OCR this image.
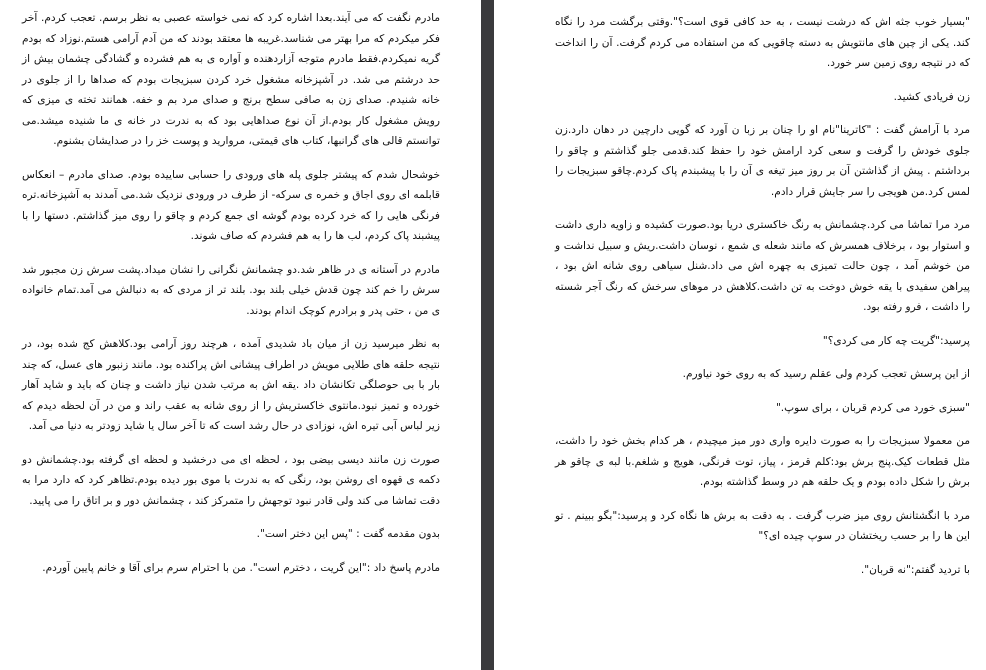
مادرم نگفت که می آیند.بعدا اشاره کرد که نمی خواسته عصبی به نظر برسم. تعجب کردم. آخر فکر میکردم که مرا بهتر می شناسد.غریبه ها معتقد بودند که من آدم آرامی هستم.نوزاد که بودم گریه نمیکردم.فقط مادرم متوجه آزاردهنده و آواره ی به هم فشرده و گشادگی چشمان بیش از حد درشتم می شد. در آشپزخانه مشغول خرد کردن سبزیجات بودم که صداها را از جلوی در خانه شنیدم. صدای زن به صافی سطح برنج و صدای مرد بم و خفه. همانند تخته ی میزی که رویش مشغول کار بودم.از آن نوع صداهایی بود که به ندرت در خانه ی ما شنیده میشد.می توانستم قالی های گرانبها، کتاب های قیمتی، مروارید و پوست خز را در صدایشان بشنوم.

خوشحال شدم که پیشتر جلوی پله های ورودی را حسابی ساییده بودم. صدای مادرم – انعکاس قابلمه ای روی اجاق و خمره ی سرکه- از طرف در ورودی نزدیک شد.می آمدند به آشپزخانه.تره فرنگی هایی را که خرد کرده بودم گوشه ای جمع کردم و چاقو را روی میز گذاشتم. دستها را با پیشبند پاک کردم، لب ها را به هم فشردم که صاف شوند.

مادرم در آستانه ی در ظاهر شد.دو چشمانش نگرانی را نشان میداد.پشت سرش زن مجبور شد سرش را خم کند چون قدش خیلی بلند بود. بلند تر از مردی که به دنبالش می آمد.تمام خانواده ی من ، حتی پدر و برادرم کوچک اندام بودند.

به نظر میرسید زن از میان باد شدیدی آمده ، هرچند روز آرامی بود.کلاهش کج شده بود، در نتیجه حلقه های طلایی مویش در اطراف پیشانی اش پراکنده بود. مانند زنبور های عسل، که چند بار با بی حوصلگی تکانشان داد .یقه اش به مرتب شدن نیاز داشت و چنان که باید و شاید آهار خورده و تمیز نبود.مانتوی خاکستریش را از روی شانه به عقب راند و من در آن لحظه دیدم که زیر لباس آبی تیره اش، نوزادی در حال رشد است که تا آخر سال یا شاید زودتر به دنیا می آمد.

صورت زن مانند دیسی بیضی بود ، لحظه ای می درخشید و لحظه ای گرفته بود.چشمانش دو دکمه ی قهوه ای روشن بود، رنگی که به ندرت با موی بور دیده بودم.تظاهر کرد که دارد مرا به دقت تماشا می کند ولی قادر نبود توجهش را متمرکز کند ، چشمانش دور و بر اتاق را می پایید.

بدون مقدمه گفت : "پس این دختر است".

مادرم پاسخ داد :"این گریت ، دخترم است". من با احترام سرم برای آقا و خانم پایین آوردم.

"بسیار خوب جثه اش که درشت نیست ، به حد کافی قوی است؟".وقتی برگشت مرد را نگاه کند. یکی از چین های مانتویش به دسته چاقویی که من استفاده می کردم گرفت. آن را انداخت که در نتیجه روی زمین سر خورد.

زن فریادی کشید.

مرد با آرامش گفت : "کاترینا"نام او را چنان بر زبا ن آورد که گویی دارچین در دهان دارد.زن جلوی خودش را گرفت و سعی کرد ارامش خود را حفظ کند.قدمی جلو گذاشتم و چاقو را برداشتم . پیش از گذاشتن آن بر روز میز تیغه ی آن را با پیشبندم پاک کردم.چاقو سبزیجات را لمس کرد.من هویجی را سر جایش قرار دادم.

مرد مرا تماشا می کرد.چشمانش به رنگ خاکستری دریا بود.صورت کشیده و زاویه داری داشت و استوار بود ، برخلاف همسرش که مانند شعله ی شمع ، نوسان داشت.ریش و سبیل نداشت و من خوشم آمد ، چون حالت تمیزی به چهره اش می داد.شنل سیاهی روی شانه اش بود ، پیراهن سفیدی با یقه خوش دوخت به تن داشت.کلاهش در موهای سرخش که رنگ آجر شسته را داشت ، فرو رفته بود.

پرسید:"گریت چه کار می کردی؟"

از این پرسش تعجب کردم ولی عقلم رسید که به روی خود نیاورم.

"سبزی خورد می کردم قربان ، برای سوپ."

من معمولا سبزیجات را به صورت دایره واری دور میز میچیدم ، هر کدام بخش خود را داشت، مثل قطعات کیک.پنج برش بود:کلم قرمز ، پیاز، توت فرنگی، هویج و شلغم.با لبه ی چاقو هر برش را شکل داده بودم و یک حلقه هم در وسط گذاشته بودم.

مرد با انگشتانش روی میز ضرب گرفت . به دقت به برش ها نگاه کرد و پرسید:"بگو ببینم . تو این ها را بر حسب ریختشان در سوپ چیده ای؟"

با تردید گفتم:"نه قربان".
